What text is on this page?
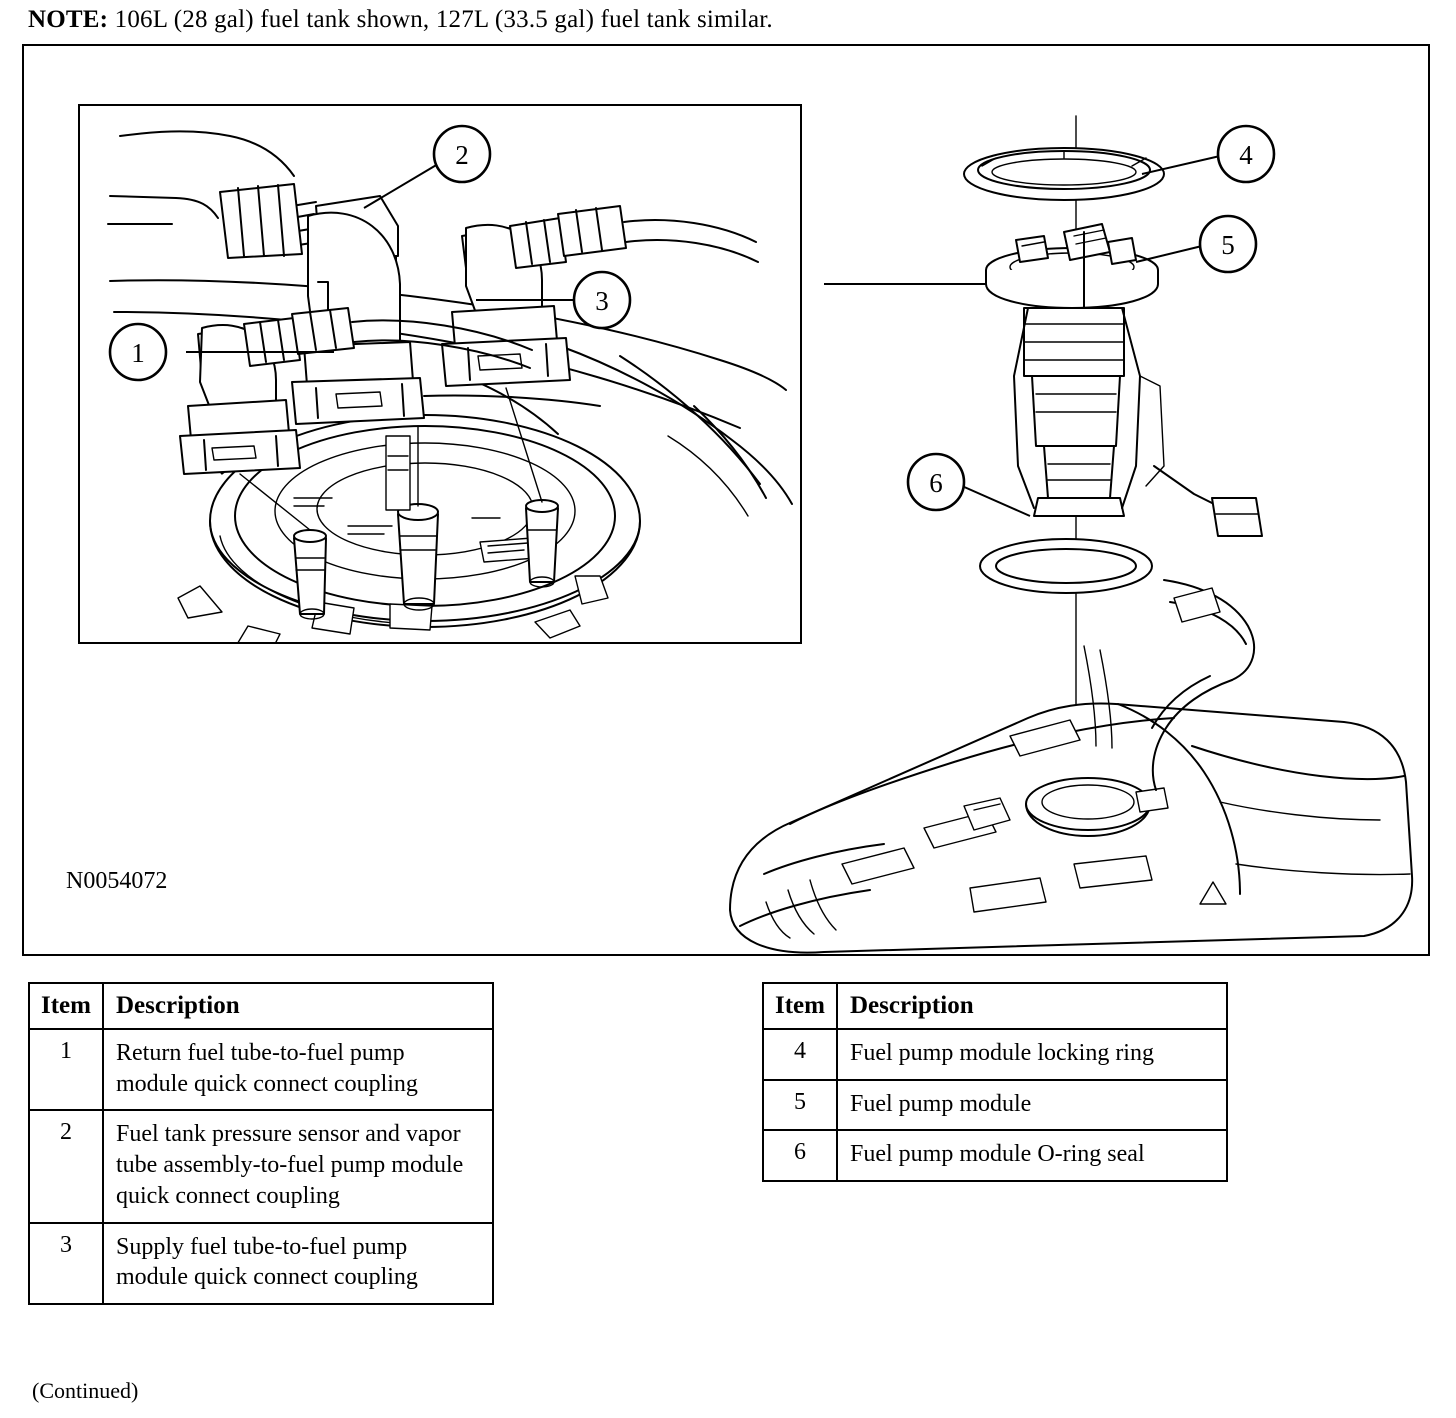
NOTE: 106L (28 gal) fuel tank shown, 127L (33.5 gal) fuel tank similar.
1
2
3
4
5
6
N0054072
Item	Description
1	Return fuel tube-to-fuel pump module quick connect coupling
2	Fuel tank pressure sensor and vapor tube assembly-to-fuel pump module quick connect coupling
3	Supply fuel tube-to-fuel pump module quick connect coupling
Item	Description
4	Fuel pump module locking ring
5	Fuel pump module
6	Fuel pump module O-ring seal
(Continued)
